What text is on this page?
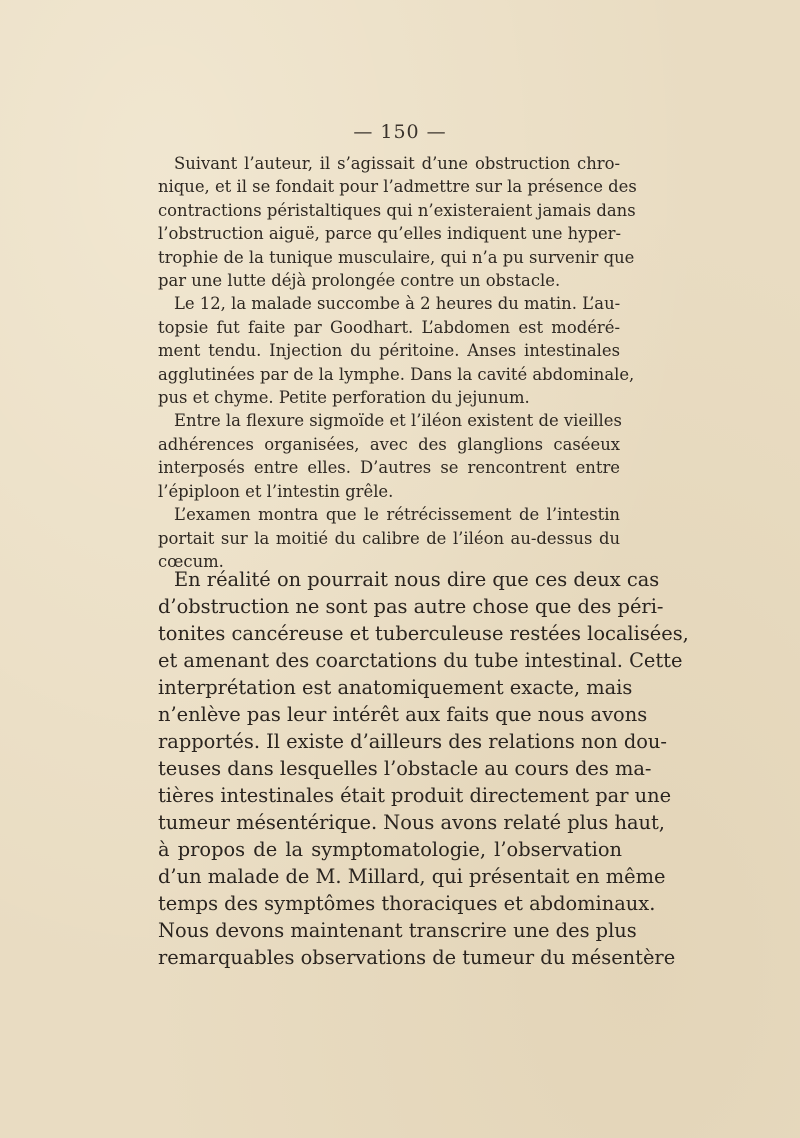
— 150 —
Suivant l’auteur, il s’agissait d’une obstruction chro-
nique, et il se fondait pour l’admettre sur la présence des
contractions péristaltiques qui n’existeraient jamais dans
l’obstruction aiguë, parce qu’elles indiquent une hyper-
trophie de la tunique musculaire, qui n’a pu survenir que
par une lutte déjà prolongée contre un obstacle.
Le 12, la malade succombe à 2 heures du matin. L’au-
topsie fut faite par Goodhart. L’abdomen est modéré-
ment tendu. Injection du péritoine. Anses intestinales
agglutinées par de la lymphe. Dans la cavité abdominale,
pus et chyme. Petite perforation du jejunum.
Entre la flexure sigmoïde et l’iléon existent de vieilles
adhérences organisées, avec des glanglions caséeux
interposés entre elles. D’autres se rencontrent entre
l’épiploon et l’intestin grêle.
L’examen montra que le rétrécissement de l’intestin
portait sur la moitié du calibre de l’iléon au-dessus du
cœcum.
En réalité on pourrait nous dire que ces deux cas
d’obstruction ne sont pas autre chose que des péri-
tonites cancéreuse et tuberculeuse restées localisées,
et amenant des coarctations du tube intestinal. Cette
interprétation est anatomiquement exacte, mais
n’enlève pas leur intérêt aux faits que nous avons
rapportés. Il existe d’ailleurs des relations non dou-
teuses dans lesquelles l’obstacle au cours des ma-
tières intestinales était produit directement par une
tumeur mésentérique. Nous avons relaté plus haut,
à propos de la symptomatologie, l’observation
d’un malade de M. Millard, qui présentait en même
temps des symptômes thoraciques et abdominaux.
Nous devons maintenant transcrire une des plus
remarquables observations de tumeur du mésentère
